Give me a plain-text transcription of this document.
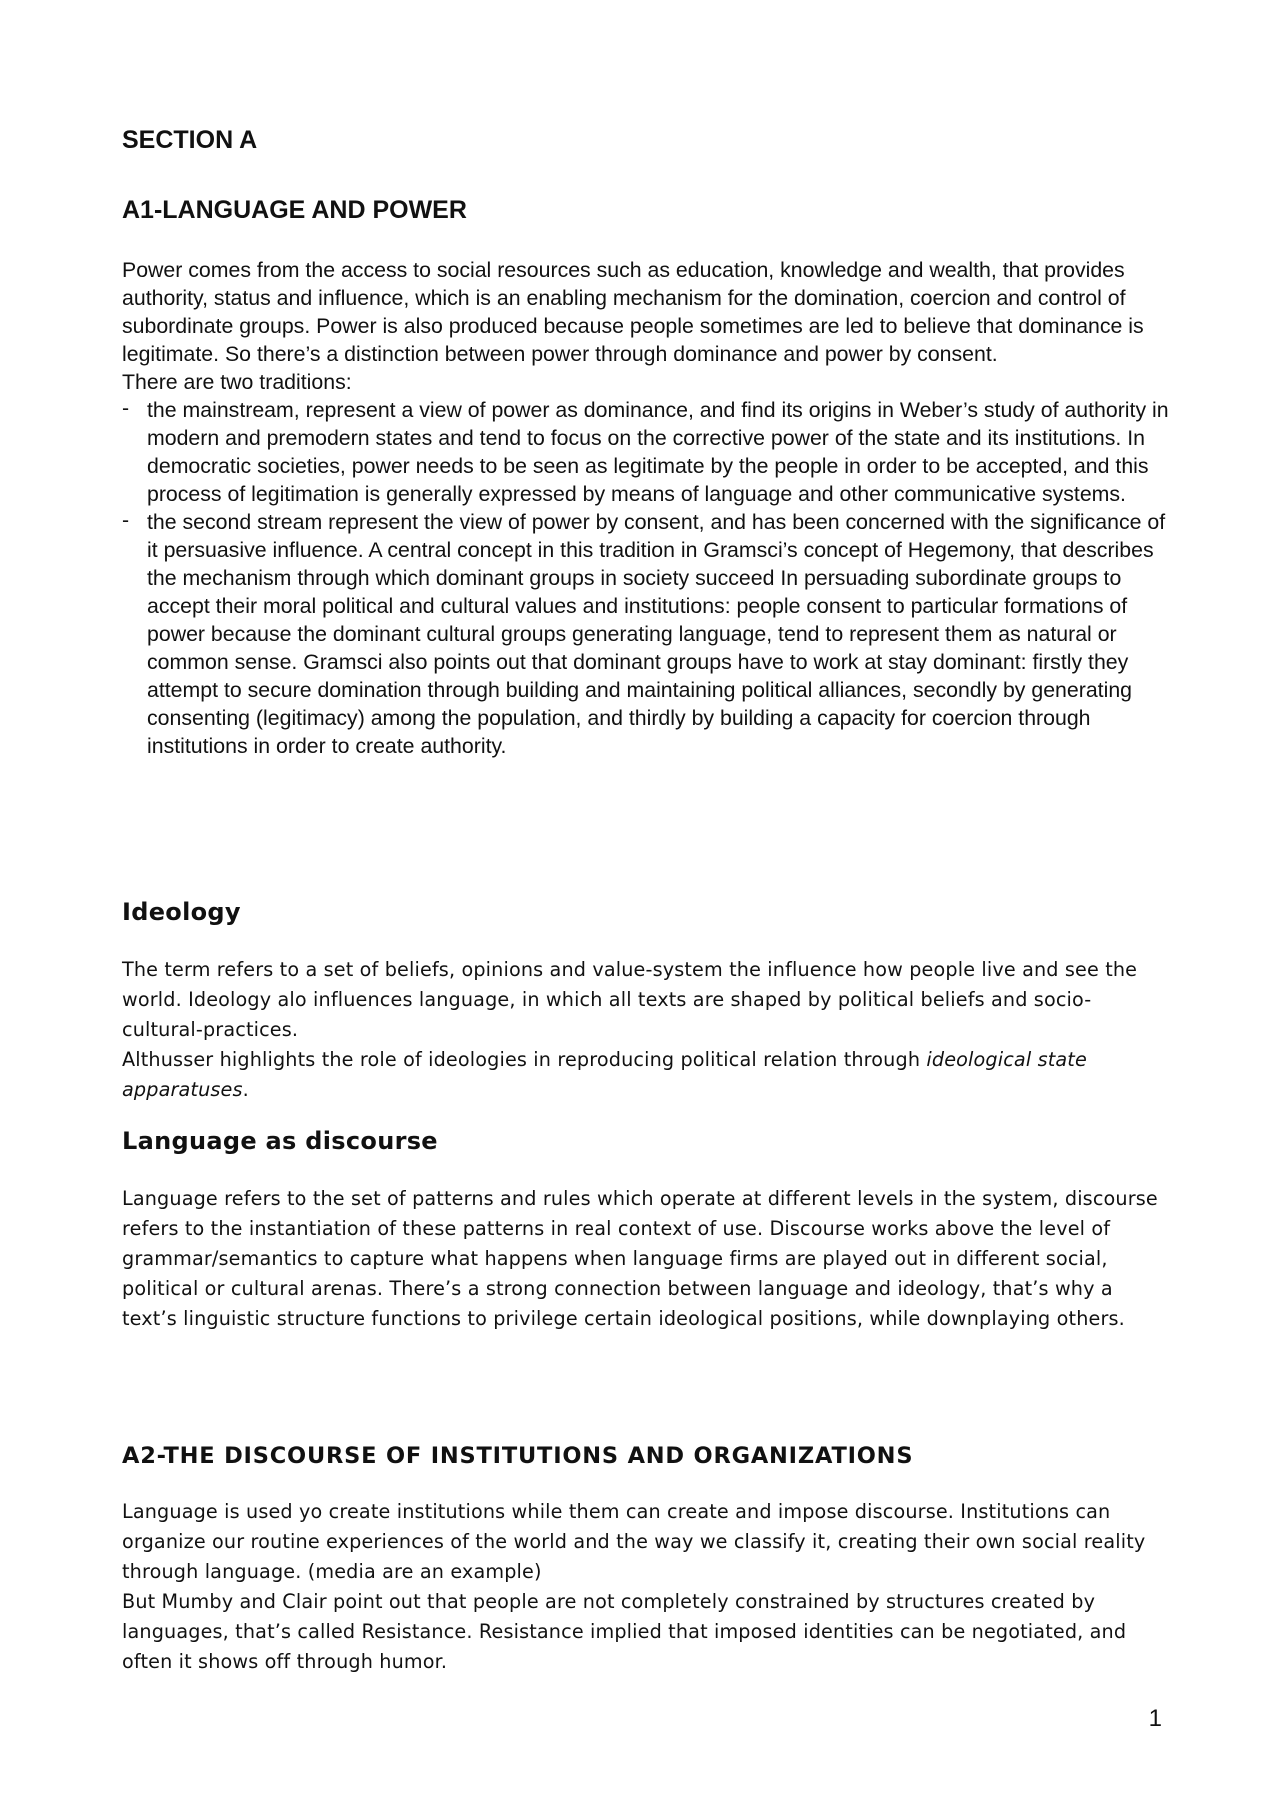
SECTION A
A1-LANGUAGE AND POWER

Power comes from the access to social resources such as education, knowledge and wealth, that provides authority, status and influence, which is an enabling mechanism for the domination, coercion and control of subordinate groups. Power is also produced because people sometimes are led to believe that dominance is legitimate. So there’s a distinction between power through dominance and power by consent.

There are two traditions:

- the mainstream, represent a view of power as dominance, and find its origins in Weber’s study of authority in modern and premodern states and tend to focus on the corrective power of the state and its institutions. In democratic societies, power needs to be seen as legitimate by the people in order to be accepted, and this process of legitimation is generally expressed by means of language and other communicative systems.
- the second stream represent the view of power by consent, and has been concerned with the significance of it persuasive influence. A central concept in this tradition in Gramsci’s concept of Hegemony, that describes the mechanism through which dominant groups in society succeed In persuading subordinate groups to accept their moral political and cultural values and institutions: people consent to particular formations of power because the dominant cultural groups generating language, tend to represent them as natural or common sense. Gramsci also points out that dominant groups have to work at stay dominant: firstly they attempt to secure domination through building and maintaining political alliances, secondly by generating consenting (legitimacy) among the population, and thirdly by building a capacity for coercion through institutions in order to create authority.
Ideology

The term refers to a set of beliefs, opinions and value-system the influence how people live and see the world. Ideology alo influences language, in which all texts are shaped by political beliefs and socio-cultural-practices.

Althusser highlights the role of ideologies in reproducing political relation through ideological state apparatuses.

Language as discourse

Language refers to the set of patterns and rules which operate at different levels in the system, discourse refers to the instantiation of these patterns in real context of use. Discourse works above the level of grammar/semantics to capture what happens when language firms are played out in different social, political or cultural arenas. There’s a strong connection between language and ideology, that’s why a text’s linguistic structure functions to privilege certain ideological positions, while downplaying others.

A2-THE DISCOURSE OF INSTITUTIONS AND ORGANIZATIONS

Language is used yo create institutions while them can create and impose discourse. Institutions can organize our routine experiences of the world and the way we classify it, creating their own social reality through language. (media are an example)

But Mumby and Clair point out that people are not completely constrained by structures created by languages, that’s called Resistance. Resistance implied that imposed identities can be negotiated, and often it shows off through humor.

1
